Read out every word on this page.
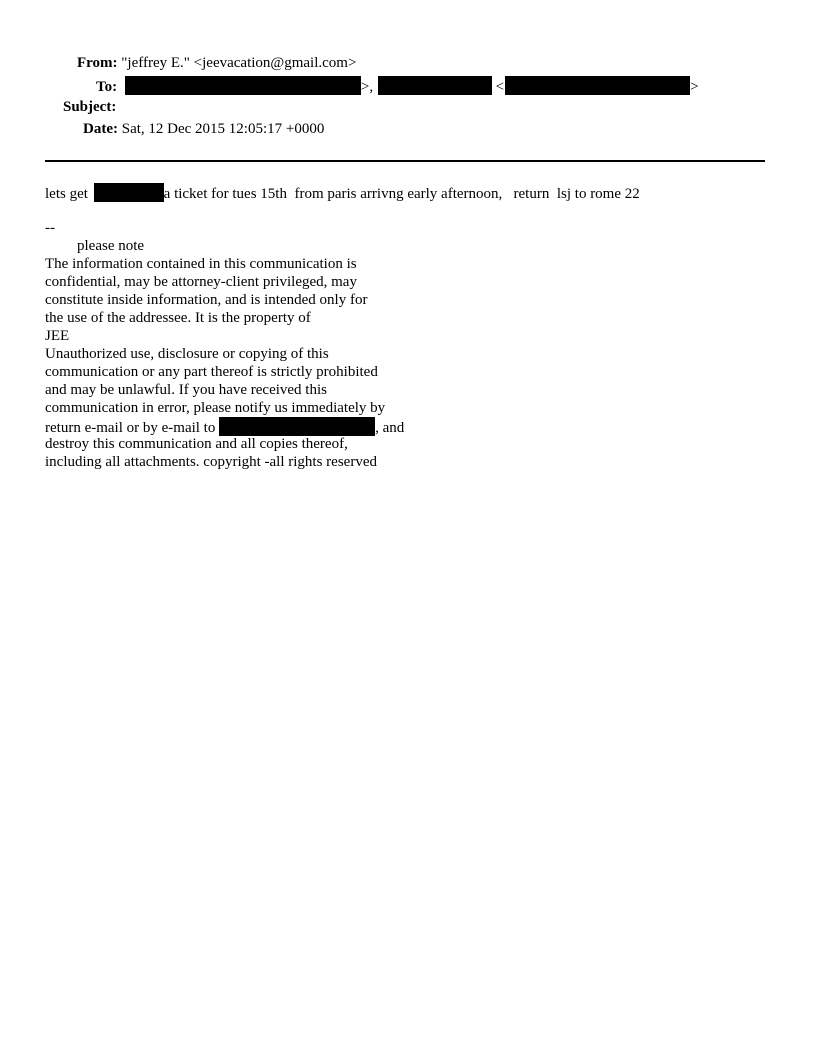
From: "jeffrey E." <jeevacation@gmail.com>
To:	>,	<	>
Subject:
Date: Sat, 12 Dec 2015 12:05:17 +0000
lets get	a ticket for tues 15th  from paris arrivng early afternoon,   return  lsj to rome 22
--
please note
The information contained in this communication is
confidential, may be attorney-client privileged, may
constitute inside information, and is intended only for
the use of the addressee. It is the property of
JEE
Unauthorized use, disclosure or copying of this
communication or any part thereof is strictly prohibited
and may be unlawful. If you have received this
communication in error, please notify us immediately by
return e-mail or by e-mail to	, and
destroy this communication and all copies thereof,
including all attachments. copyright -all rights reserved
